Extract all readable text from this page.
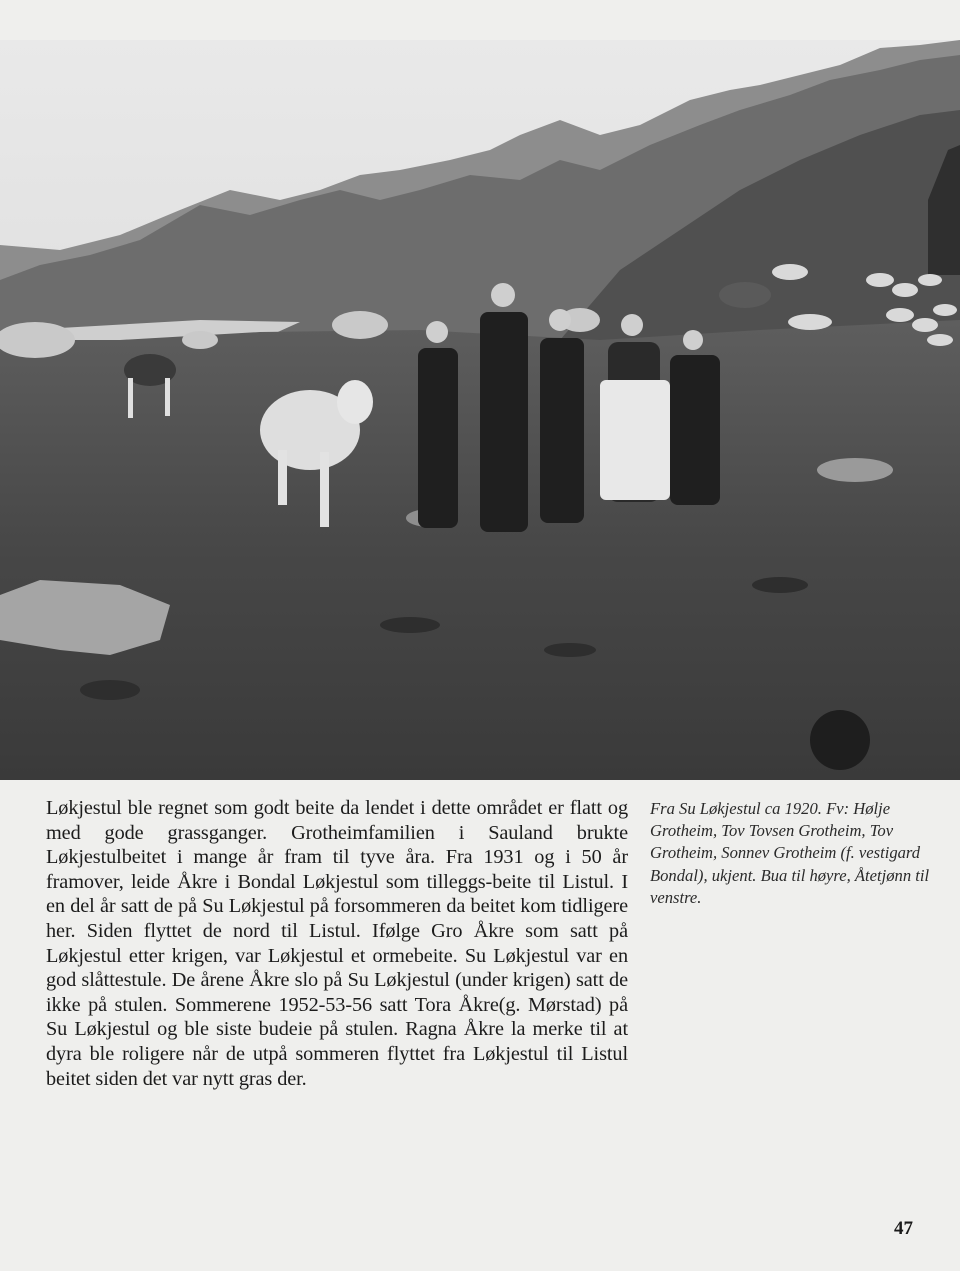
Løkjestul ble regnet som godt beite da lendet i dette området er flatt og med gode grassganger. Grotheimfamilien i Sauland brukte Løkjestulbeitet i mange år fram til tyve åra. Fra 1931 og i 50 år framover, leide Åkre i Bondal Løkjestul som tilleggs-beite til Listul. I en del år satt de på Su Løkjestul på forsommeren da beitet kom tidligere her. Siden flyttet de nord til Listul. Ifølge Gro Åkre som satt på Løkjestul etter krigen, var Løkjestul et ormebeite. Su Løkjestul var en god slåttestule. De årene Åkre slo på Su Løkjestul (under krigen) satt de ikke på stulen. Sommerene 1952-53-56 satt Tora Åkre(g. Mørstad) på Su Løkjestul og ble siste budeie på stulen. Ragna Åkre la merke til at dyra ble roligere når de utpå sommeren flyttet fra Løkjestul til Listul beitet siden det var nytt gras der.
Fra Su Løkjestul ca 1920. Fv: Hølje Grotheim, Tov Tovsen Grotheim, Tov Grotheim, Sonnev Grotheim (f. vestigard Bondal), ukjent. Bua til høyre, Åtetjønn til venstre.
47
